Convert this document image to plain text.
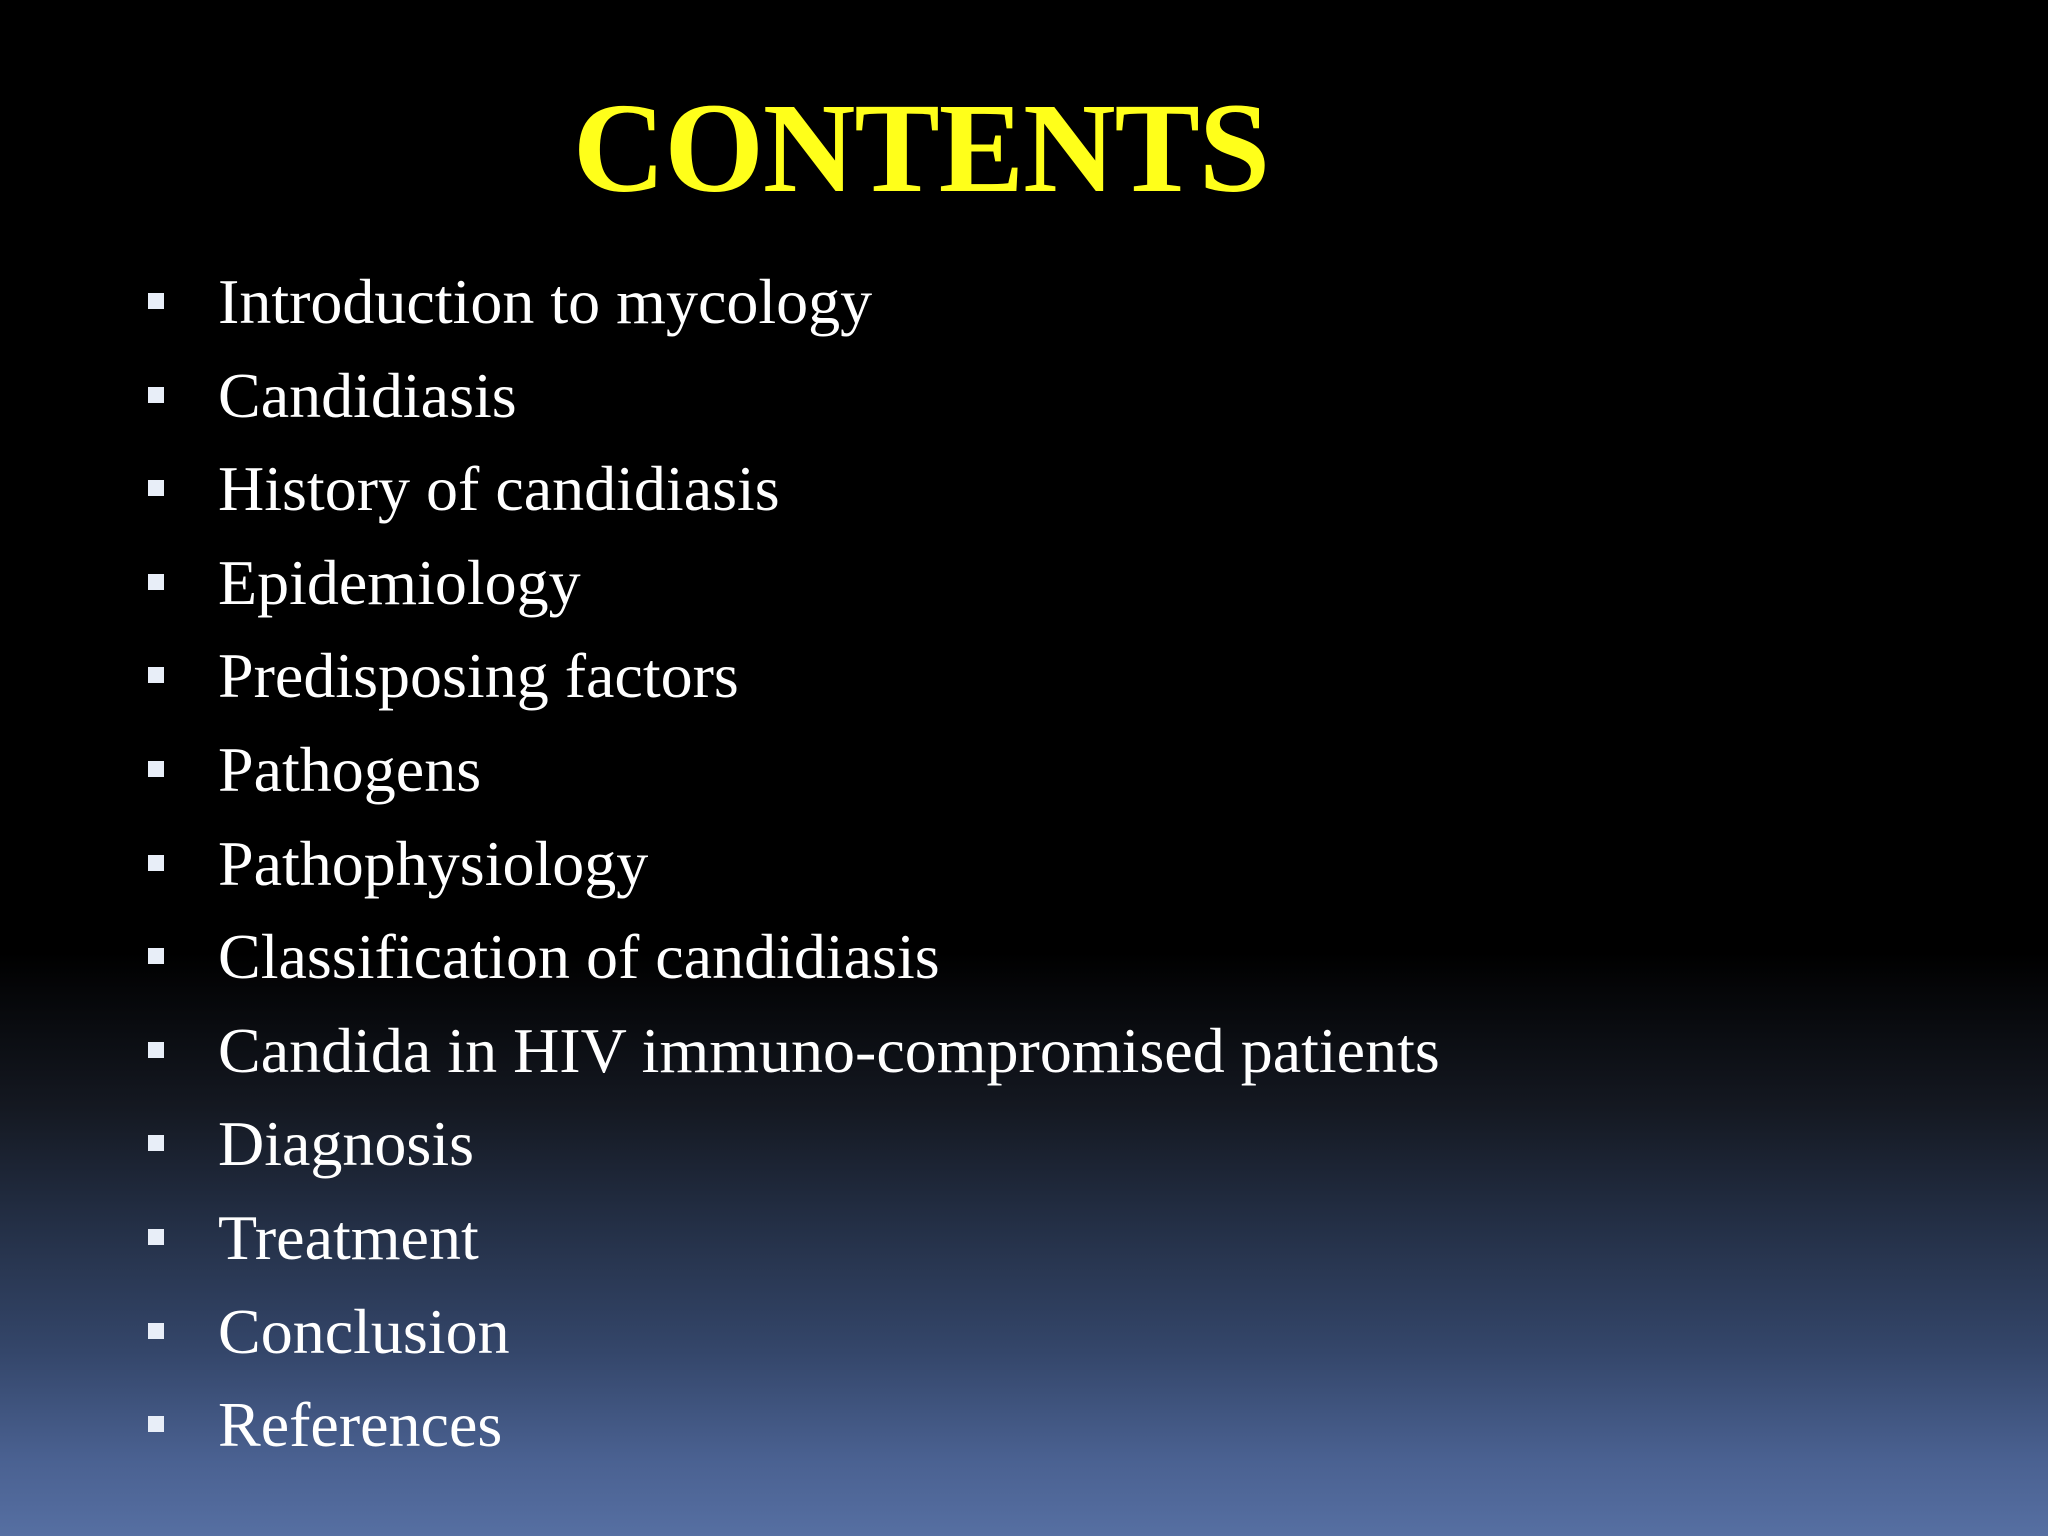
CONTENTS
Introduction to mycology
Candidiasis
History of candidiasis
Epidemiology
Predisposing factors
Pathogens
Pathophysiology
Classification of candidiasis
Candida in HIV immuno-compromised patients
Diagnosis
Treatment
Conclusion
References
